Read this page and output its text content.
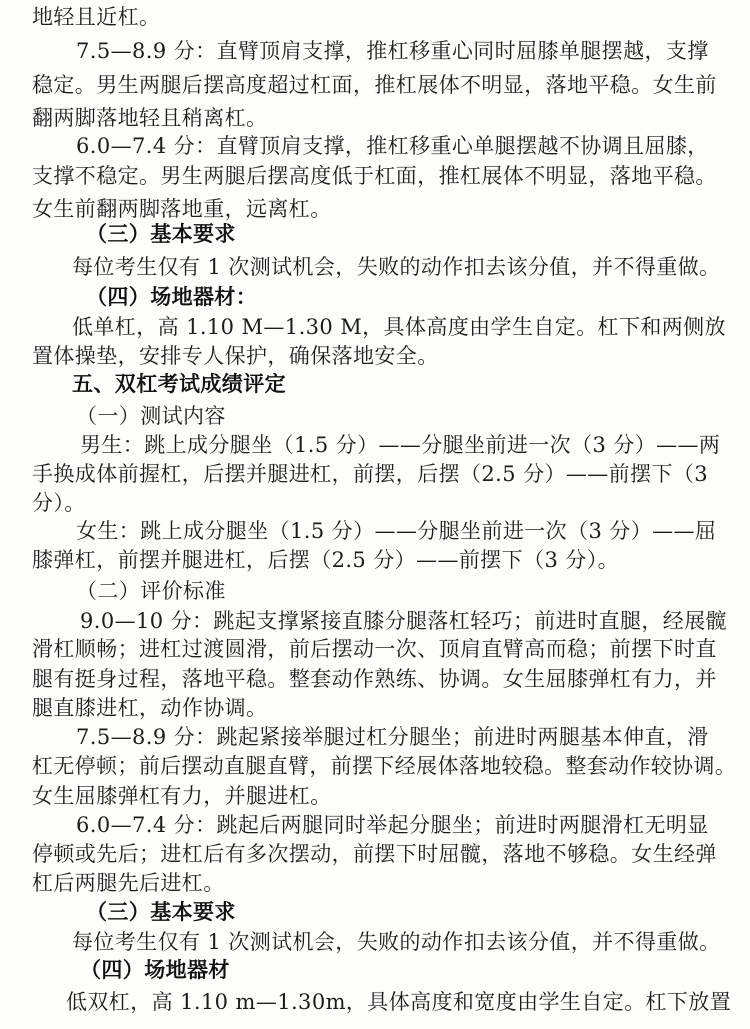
地轻且近杠。
7.5—8.9 分：直臂顶肩支撑，推杠移重心同时屈膝单腿摆越，支撑
稳定。男生两腿后摆高度超过杠面，推杠展体不明显，落地平稳。女生前
翻两脚落地轻且稍离杠。
6.0—7.4 分：直臂顶肩支撑，推杠移重心单腿摆越不协调且屈膝，
支撑不稳定。男生两腿后摆高度低于杠面，推杠展体不明显，落地平稳。
女生前翻两脚落地重，远离杠。
（三）基本要求
每位考生仅有 1 次测试机会，失败的动作扣去该分值，并不得重做。
（四）场地器材：
低单杠，高 1.10 M—1.30 M，具体高度由学生自定。杠下和两侧放
置体操垫，安排专人保护，确保落地安全。
五、双杠考试成绩评定
（一）测试内容
男生：跳上成分腿坐（1.5 分）——分腿坐前进一次（3 分）——两
手换成体前握杠，后摆并腿进杠，前摆，后摆（2.5 分）——前摆下（3
分）。
女生：跳上成分腿坐（1.5 分）——分腿坐前进一次（3 分）——屈
膝弹杠，前摆并腿进杠，后摆（2.5 分）——前摆下（3 分）。
（二）评价标准
9.0—10 分：跳起支撑紧接直膝分腿落杠轻巧；前进时直腿，经展髋
滑杠顺畅；进杠过渡圆滑，前后摆动一次、顶肩直臂高而稳；前摆下时直
腿有挺身过程，落地平稳。整套动作熟练、协调。女生屈膝弹杠有力，并
腿直膝进杠，动作协调。
7.5—8.9 分：跳起紧接举腿过杠分腿坐；前进时两腿基本伸直，滑
杠无停顿；前后摆动直腿直臂，前摆下经展体落地较稳。整套动作较协调。
女生屈膝弹杠有力，并腿进杠。
6.0—7.4 分：跳起后两腿同时举起分腿坐；前进时两腿滑杠无明显
停顿或先后；进杠后有多次摆动，前摆下时屈髋，落地不够稳。女生经弹
杠后两腿先后进杠。
（三）基本要求
每位考生仅有 1 次测试机会，失败的动作扣去该分值，并不得重做。
（四）场地器材
低双杠，高 1.10 m—1.30m，具体高度和宽度由学生自定。杠下放置
